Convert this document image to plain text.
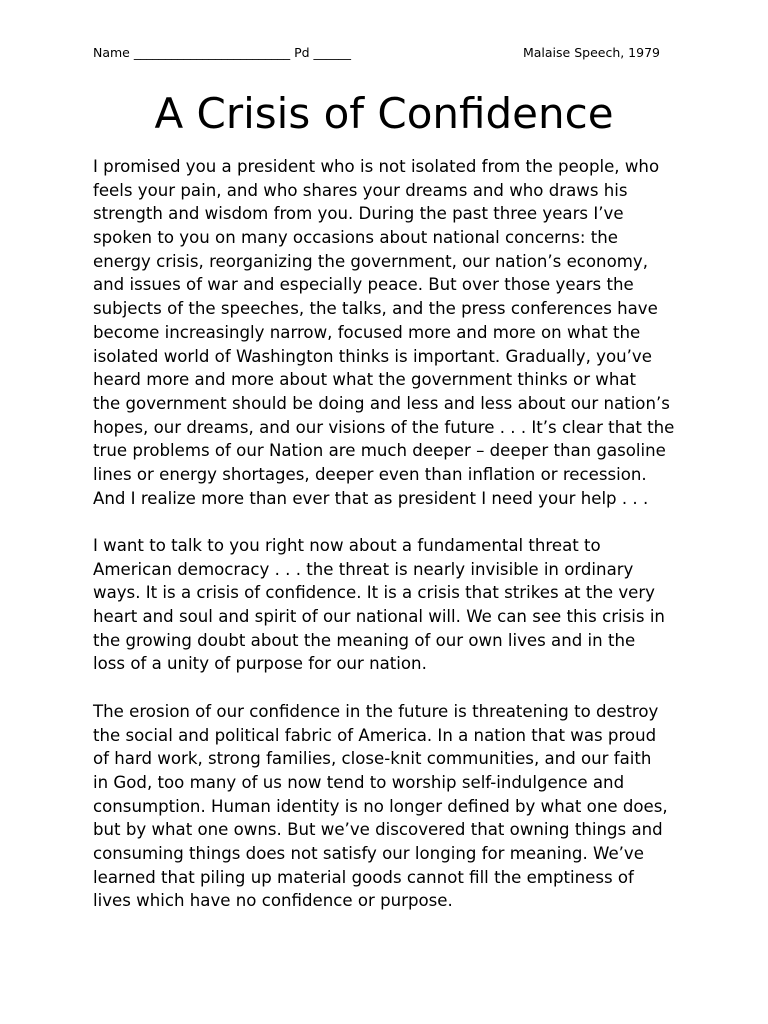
Name _________________________ Pd ______	Malaise Speech, 1979
A Crisis of Confidence

I promised you a president who is not isolated from the people, who
feels your pain, and who shares your dreams and who draws his
strength and wisdom from you. During the past three years I’ve
spoken to you on many occasions about national concerns: the
energy crisis, reorganizing the government, our nation’s economy,
and issues of war and especially peace. But over those years the
subjects of the speeches, the talks, and the press conferences have
become increasingly narrow, focused more and more on what the
isolated world of Washington thinks is important. Gradually, you’ve
heard more and more about what the government thinks or what
the government should be doing and less and less about our nation’s
hopes, our dreams, and our visions of the future . . . It’s clear that the
true problems of our Nation are much deeper – deeper than gasoline
lines or energy shortages, deeper even than inflation or recession.
And I realize more than ever that as president I need your help . . .

I want to talk to you right now about a fundamental threat to
American democracy . . . the threat is nearly invisible in ordinary
ways. It is a crisis of confidence. It is a crisis that strikes at the very
heart and soul and spirit of our national will. We can see this crisis in
the growing doubt about the meaning of our own lives and in the
loss of a unity of purpose for our nation.

The erosion of our confidence in the future is threatening to destroy
the social and political fabric of America. In a nation that was proud
of hard work, strong families, close-knit communities, and our faith
in God, too many of us now tend to worship self-indulgence and
consumption. Human identity is no longer defined by what one does,
but by what one owns. But we’ve discovered that owning things and
consuming things does not satisfy our longing for meaning. We’ve
learned that piling up material goods cannot fill the emptiness of
lives which have no confidence or purpose.
